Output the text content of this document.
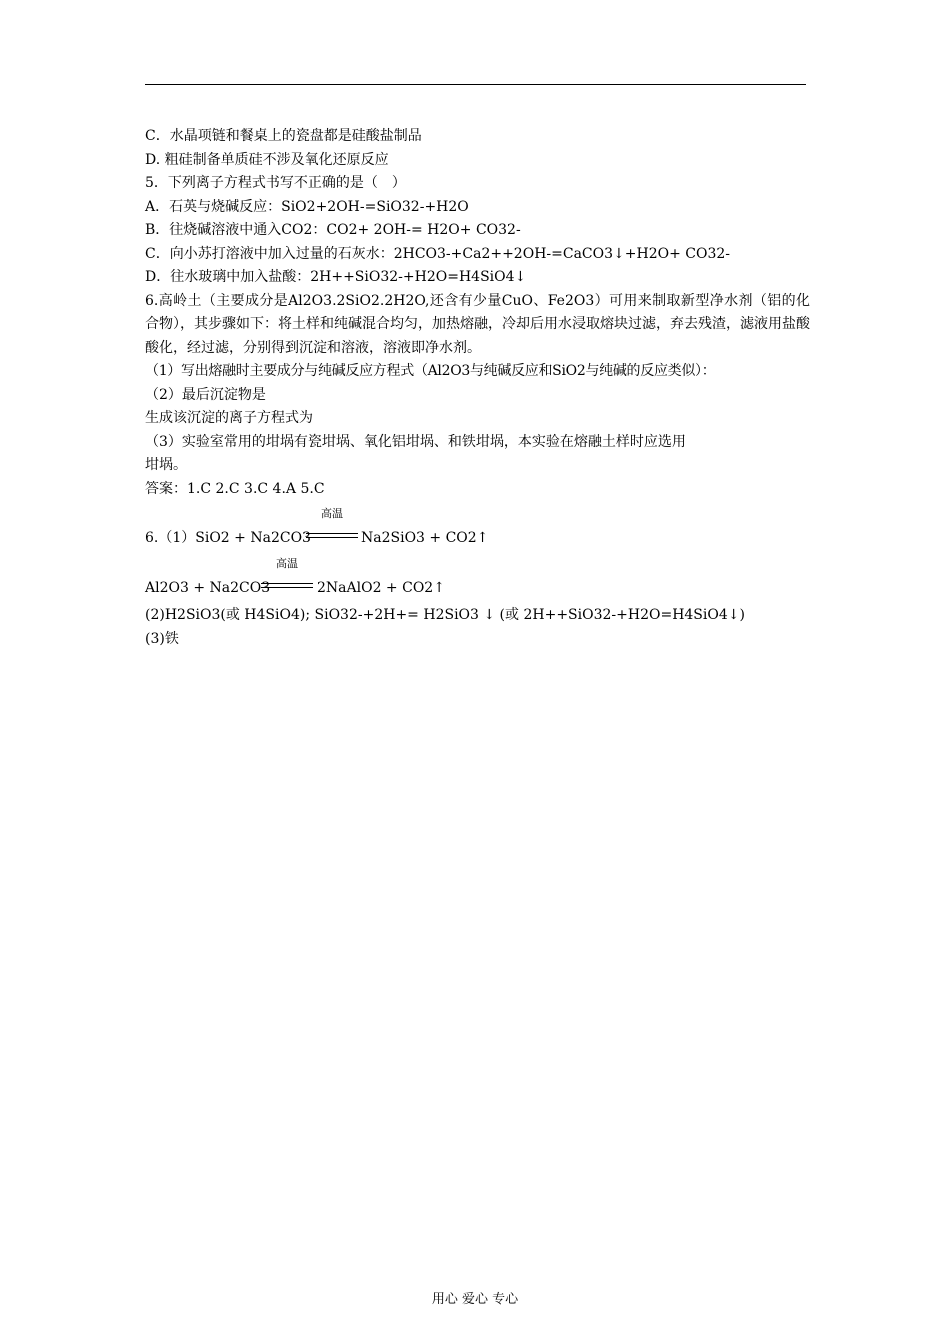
C．水晶项链和餐桌上的瓷盘都是硅酸盐制品
D. 粗硅制备单质硅不涉及氧化还原反应
5．下列离子方程式书写不正确的是（　）
A．石英与烧碱反应：SiO2+2OH-=SiO32-+H2O
B．往烧碱溶液中通入CO2：CO2+ 2OH-= H2O+ CO32-
C．向小苏打溶液中加入过量的石灰水：2HCO3-+Ca2++2OH-=CaCO3↓+H2O+ CO32-
D．往水玻璃中加入盐酸：2H++SiO32-+H2O=H4SiO4↓
6.高岭土（主要成分是Al2O3.2SiO2.2H2O,还含有少量CuO、Fe2O3）可用来制取新型净水剂（铝的化合物），其步骤如下：将土样和纯碱混合均匀，加热熔融，冷却后用水浸取熔块过滤，弃去残渣，滤液用盐酸酸化，经过滤，分别得到沉淀和溶液，溶液即净水剂。
（1）写出熔融时主要成分与纯碱反应方程式（Al2O3与纯碱反应和SiO2与纯碱的反应类似）：
（2）最后沉淀物是
生成该沉淀的离子方程式为
（3）实验室常用的坩埚有瓷坩埚、氧化铝坩埚、和铁坩埚，本实验在熔融土样时应选用
坩埚。
答案：1.C 2.C 3.C 4.A 5.C
6.（1）SiO2 + Na2CO3
高温
Na2SiO3 + CO2↑
Al2O3 + Na2CO3
高温
2NaAlO2 + CO2↑
(2)H2SiO3(或 H4SiO4); SiO32-+2H+= H2SiO3 ↓ (或 2H++SiO32-+H2O=H4SiO4↓)
(3)铁
用心 爱心 专心
